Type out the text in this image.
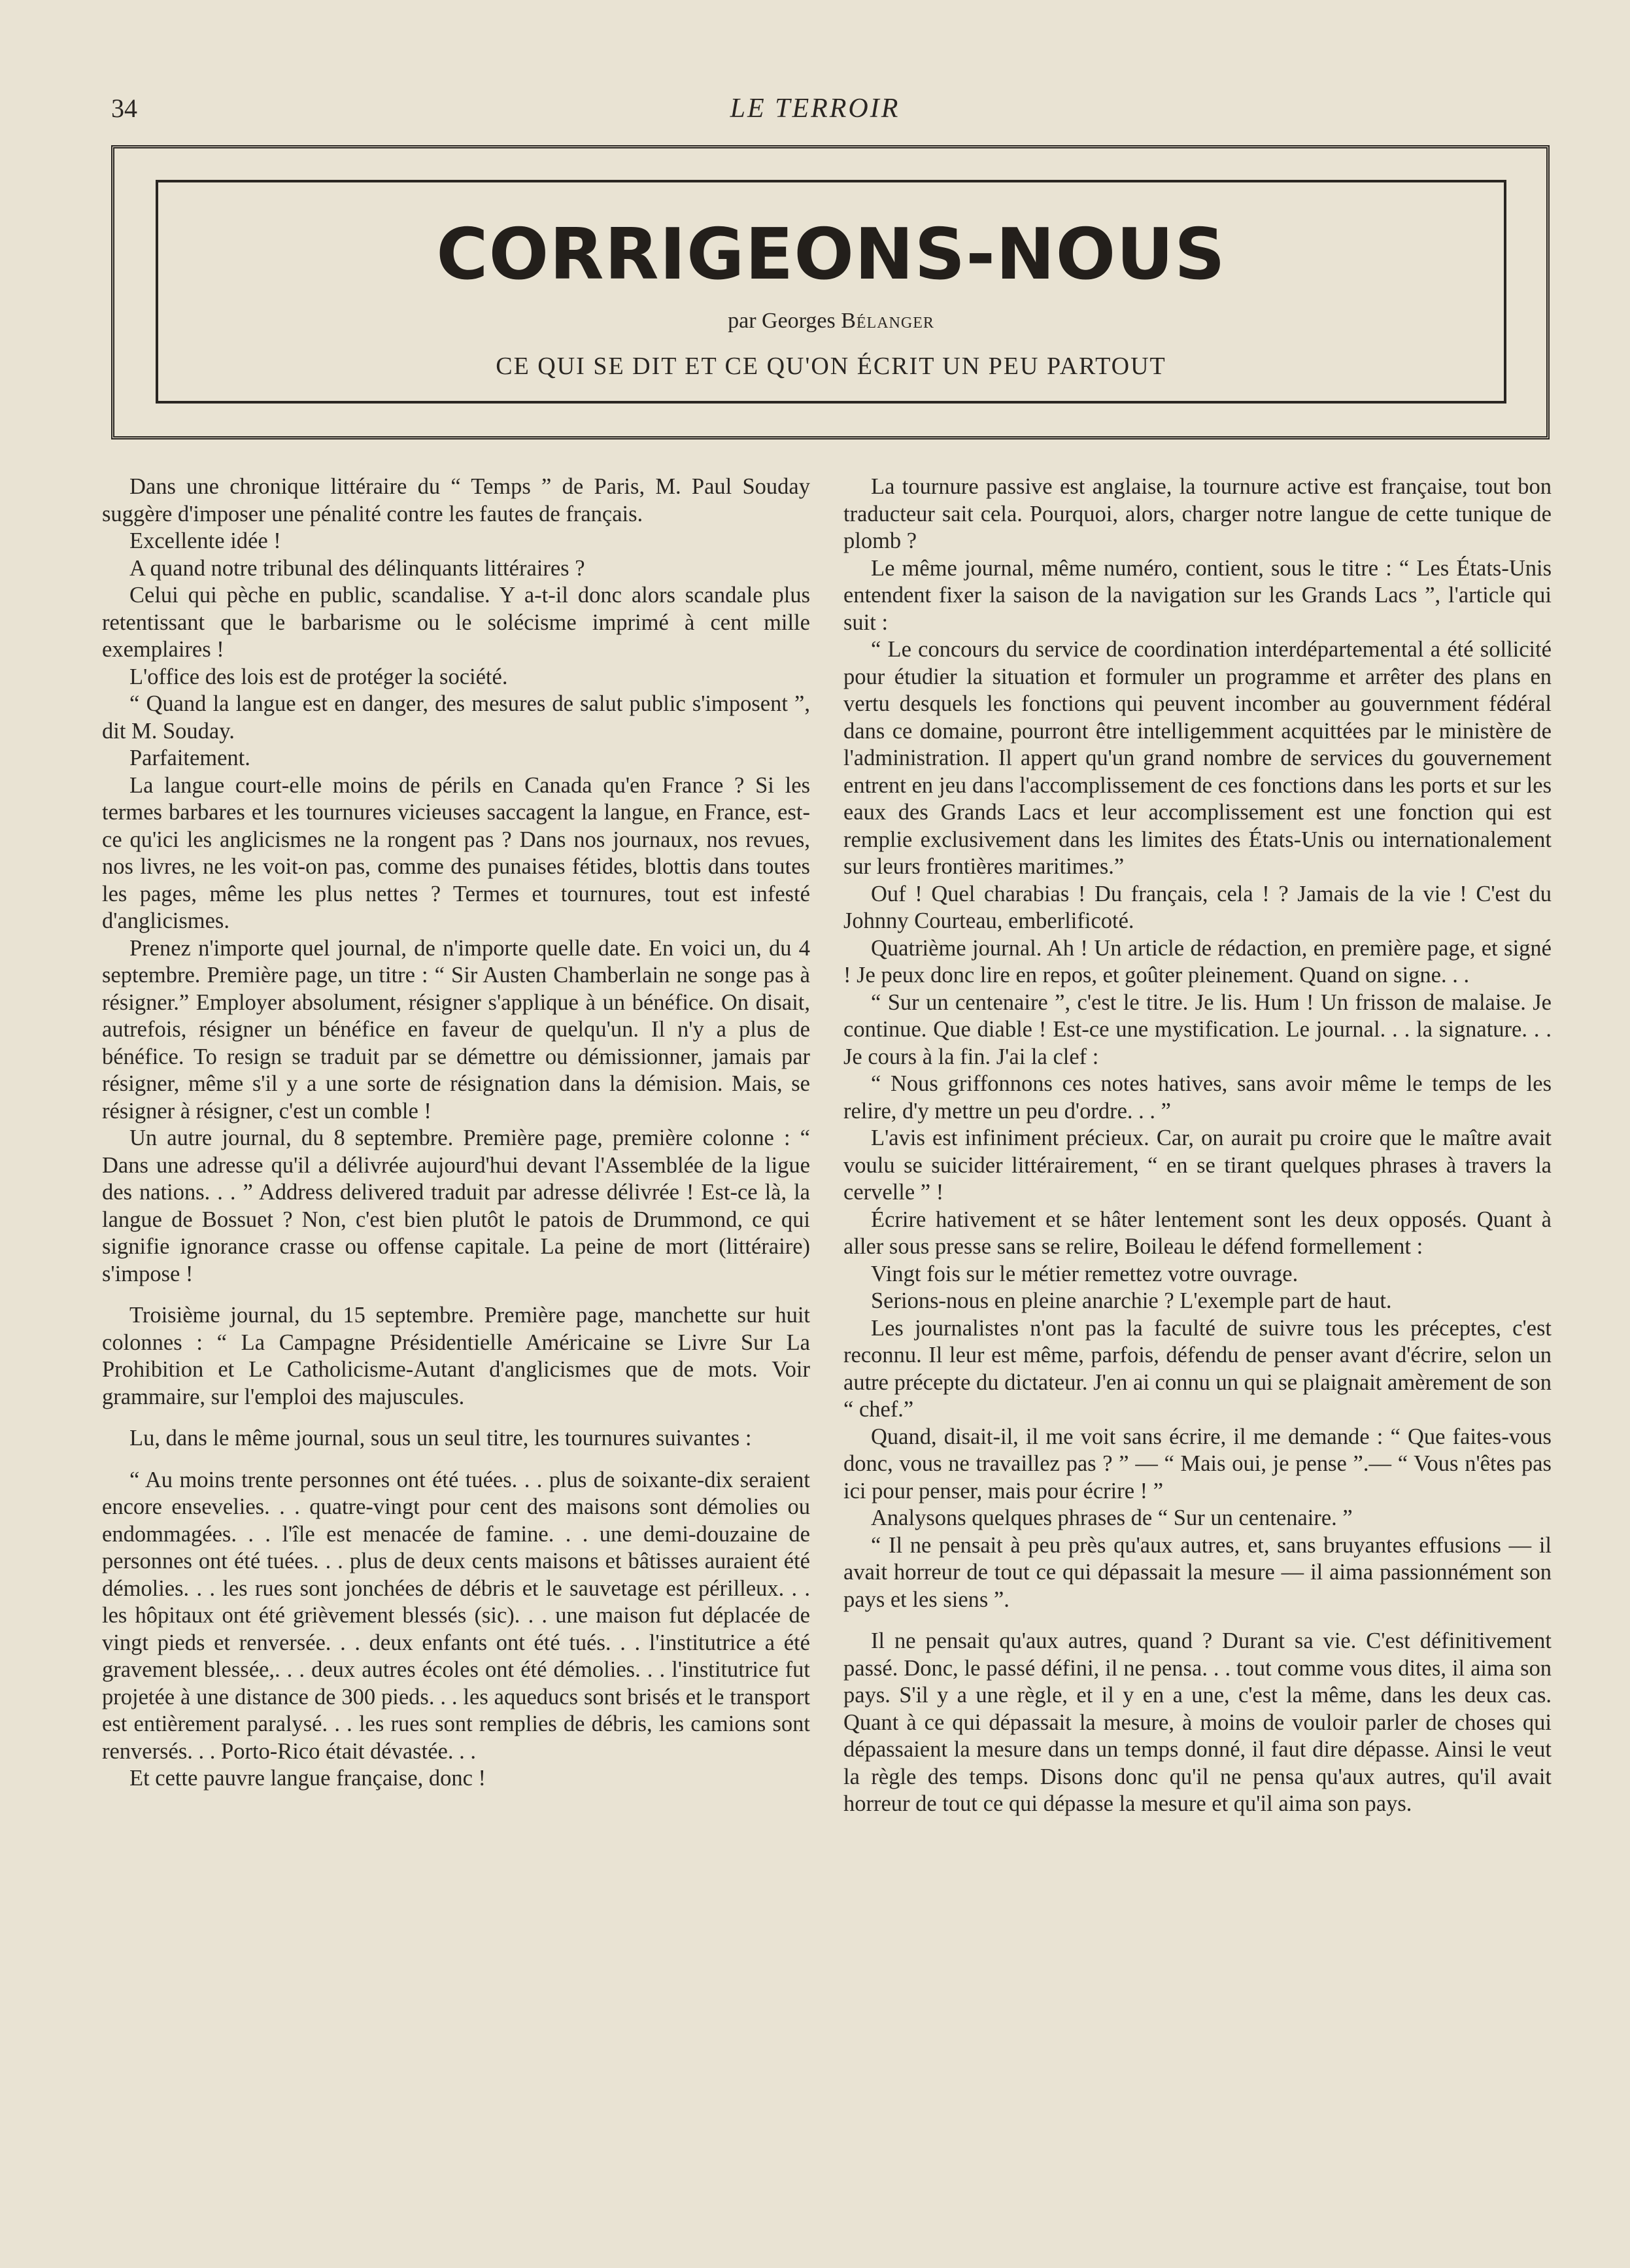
34	LE TERROIR
CORRIGEONS-NOUS
par Georges Bélanger
CE QUI SE DIT ET CE QU'ON ÉCRIT UN PEU PARTOUT

Dans une chronique littéraire du “ Temps ” de Paris, M. Paul Souday suggère d'imposer une pénalité contre les fautes de français.

Excellente idée !

A quand notre tribunal des délinquants littéraires ?

Celui qui pèche en public, scandalise. Y a-t-il donc alors scandale plus retentissant que le barbarisme ou le solécisme imprimé à cent mille exemplaires !

L'office des lois est de protéger la société.

“ Quand la langue est en danger, des mesures de salut public s'imposent ”, dit M. Souday.

Parfaitement.

La langue court-elle moins de périls en Canada qu'en France ? Si les termes barbares et les tournures vicieuses saccagent la langue, en France, est-ce qu'ici les anglicismes ne la rongent pas ? Dans nos journaux, nos revues, nos livres, ne les voit-on pas, comme des punaises fétides, blottis dans toutes les pages, même les plus nettes ? Termes et tournures, tout est infesté d'anglicismes.

Prenez n'importe quel journal, de n'importe quelle date. En voici un, du 4 septembre. Première page, un titre : “ Sir Austen Chamberlain ne songe pas à résigner.” Employer absolument, résigner s'applique à un bénéfice. On disait, autrefois, résigner un bénéfice en faveur de quelqu'un. Il n'y a plus de bénéfice. To resign se traduit par se démettre ou démissionner, jamais par résigner, même s'il y a une sorte de résignation dans la démision. Mais, se résigner à résigner, c'est un comble !

Un autre journal, du 8 septembre. Première page, première colonne : “ Dans une adresse qu'il a délivrée aujourd'hui devant l'Assemblée de la ligue des nations. . . ” Address delivered traduit par adresse délivrée ! Est-ce là, la langue de Bossuet ? Non, c'est bien plutôt le patois de Drummond, ce qui signifie ignorance crasse ou offense capitale. La peine de mort (littéraire) s'impose !

Troisième journal, du 15 septembre. Première page, manchette sur huit colonnes : “ La Campagne Présidentielle Américaine se Livre Sur La Prohibition et Le Catholicisme-Autant d'anglicismes que de mots. Voir grammaire, sur l'emploi des majuscules.

Lu, dans le même journal, sous un seul titre, les tournures suivantes :

“ Au moins trente personnes ont été tuées. . . plus de soixante-dix seraient encore ensevelies. . . quatre-vingt pour cent des maisons sont démolies ou endommagées. . . l'île est menacée de famine. . . une demi-douzaine de personnes ont été tuées. . . plus de deux cents maisons et bâtisses auraient été démolies. . . les rues sont jonchées de débris et le sauvetage est périlleux. . . les hôpitaux ont été grièvement blessés (sic). . . une maison fut déplacée de vingt pieds et renversée. . . deux enfants ont été tués. . . l'institutrice a été gravement blessée,. . . deux autres écoles ont été démolies. . . l'institutrice fut projetée à une distance de 300 pieds. . . les aqueducs sont brisés et le transport est entièrement paralysé. . . les rues sont remplies de débris, les camions sont renversés. . . Porto-Rico était dévastée. . .

Et cette pauvre langue française, donc !

La tournure passive est anglaise, la tournure active est française, tout bon traducteur sait cela. Pourquoi, alors, charger notre langue de cette tunique de plomb ?

Le même journal, même numéro, contient, sous le titre : “ Les États-Unis entendent fixer la saison de la navigation sur les Grands Lacs ”, l'article qui suit :

“ Le concours du service de coordination interdépartemental a été sollicité pour étudier la situation et formuler un programme et arrêter des plans en vertu desquels les fonctions qui peuvent incomber au gouvernment fédéral dans ce domaine, pourront être intelligemment acquittées par le ministère de l'administration. Il appert qu'un grand nombre de services du gouvernement entrent en jeu dans l'accomplissement de ces fonctions dans les ports et sur les eaux des Grands Lacs et leur accomplissement est une fonction qui est remplie exclusivement dans les limites des États-Unis ou internationalement sur leurs frontières maritimes.”

Ouf ! Quel charabias ! Du français, cela ! ? Jamais de la vie ! C'est du Johnny Courteau, emberlificoté.

Quatrième journal. Ah ! Un article de rédaction, en première page, et signé ! Je peux donc lire en repos, et goûter pleinement. Quand on signe. . .

“ Sur un centenaire ”, c'est le titre. Je lis. Hum ! Un frisson de malaise. Je continue. Que diable ! Est-ce une mystification. Le journal. . . la signature. . . Je cours à la fin. J'ai la clef :

“ Nous griffonnons ces notes hatives, sans avoir même le temps de les relire, d'y mettre un peu d'ordre. . . ”

L'avis est infiniment précieux. Car, on aurait pu croire que le maître avait voulu se suicider littérairement, “ en se tirant quelques phrases à travers la cervelle ” !

Écrire hativement et se hâter lentement sont les deux opposés. Quant à aller sous presse sans se relire, Boileau le défend formellement :

Vingt fois sur le métier remettez votre ouvrage.

Serions-nous en pleine anarchie ? L'exemple part de haut.

Les journalistes n'ont pas la faculté de suivre tous les préceptes, c'est reconnu. Il leur est même, parfois, défendu de penser avant d'écrire, selon un autre précepte du dictateur. J'en ai connu un qui se plaignait amèrement de son “ chef.”

Quand, disait-il, il me voit sans écrire, il me demande : “ Que faites-vous donc, vous ne travaillez pas ? ” — “ Mais oui, je pense ”.— “ Vous n'êtes pas ici pour penser, mais pour écrire ! ”

Analysons quelques phrases de “ Sur un centenaire. ”

“ Il ne pensait à peu près qu'aux autres, et, sans bruyantes effusions — il avait horreur de tout ce qui dépassait la mesure — il aima passionnément son pays et les siens ”.

Il ne pensait qu'aux autres, quand ? Durant sa vie. C'est définitivement passé. Donc, le passé défini, il ne pensa. . . tout comme vous dites, il aima son pays. S'il y a une règle, et il y en a une, c'est la même, dans les deux cas. Quant à ce qui dépassait la mesure, à moins de vouloir parler de choses qui dépassaient la mesure dans un temps donné, il faut dire dépasse. Ainsi le veut la règle des temps. Disons donc qu'il ne pensa qu'aux autres, qu'il avait horreur de tout ce qui dépasse la mesure et qu'il aima son pays.
